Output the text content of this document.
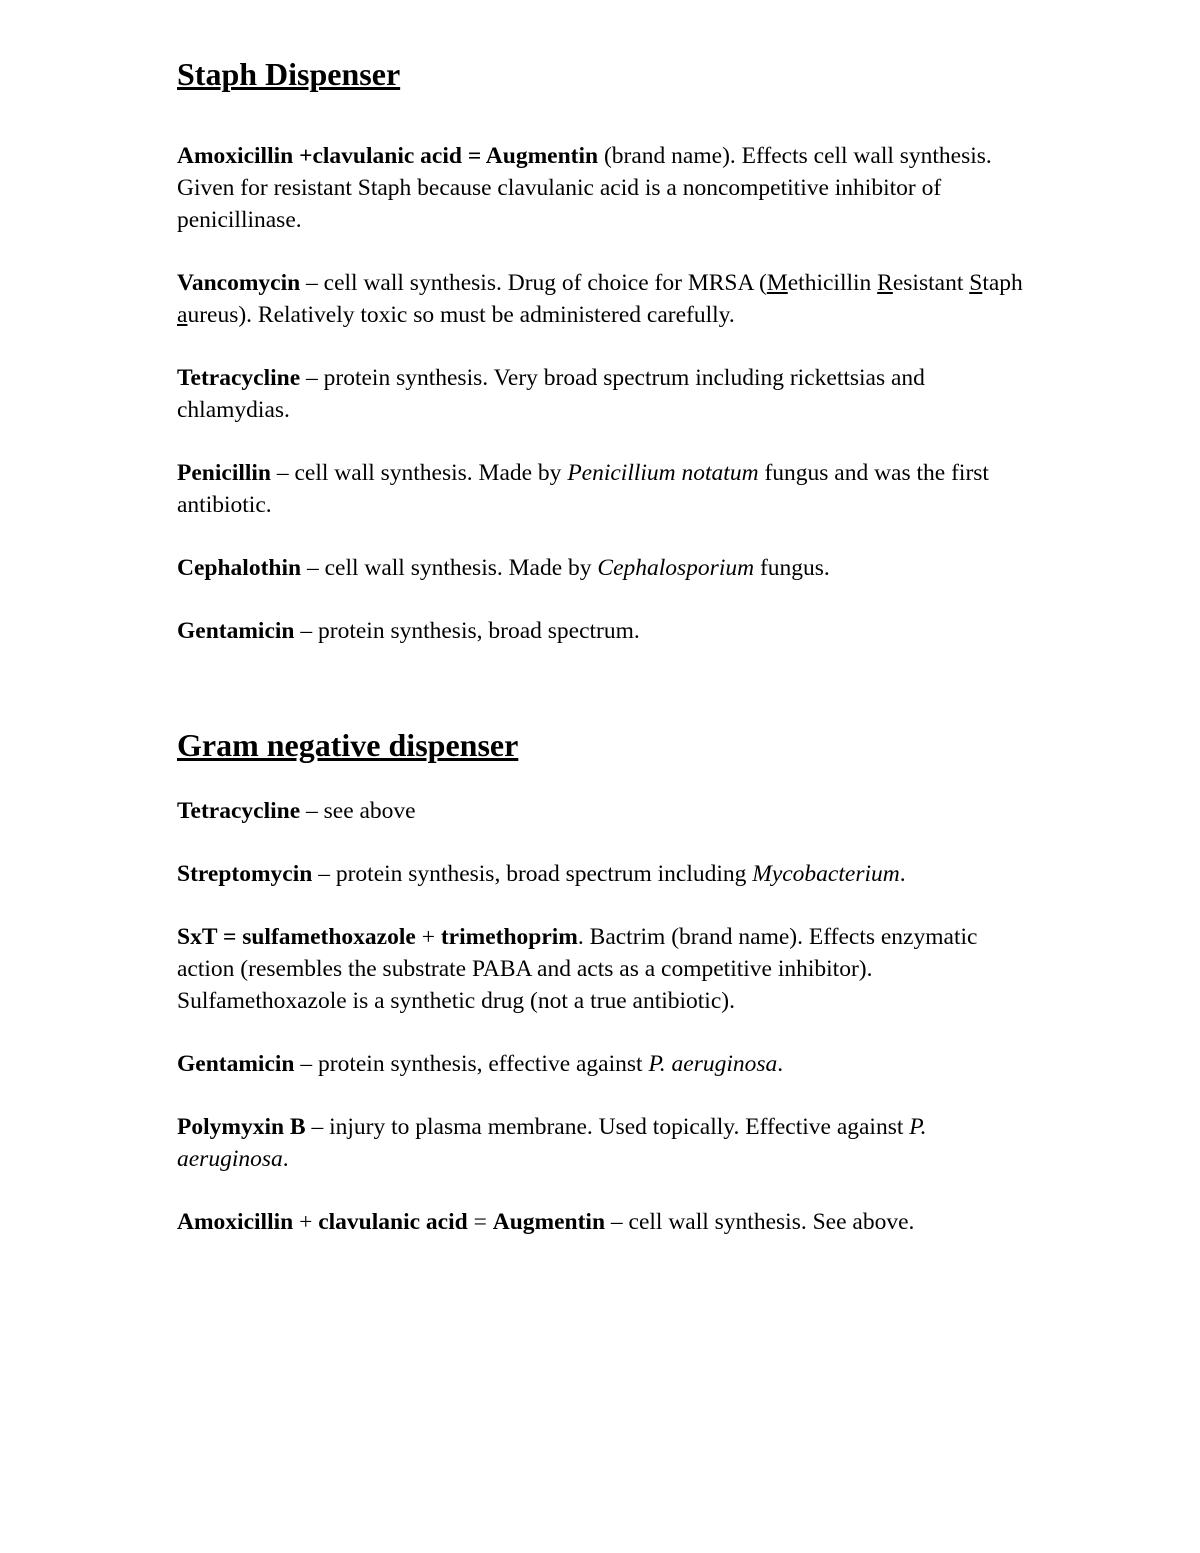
Staph Dispenser

Amoxicillin +clavulanic acid = Augmentin (brand name). Effects cell wall synthesis. Given for resistant Staph because clavulanic acid is a noncompetitive inhibitor of penicillinase.

Vancomycin – cell wall synthesis. Drug of choice for MRSA (Methicillin Resistant Staph aureus). Relatively toxic so must be administered carefully.

Tetracycline – protein synthesis. Very broad spectrum including rickettsias and chlamydias.

Penicillin – cell wall synthesis. Made by Penicillium notatum fungus and was the first antibiotic.

Cephalothin – cell wall synthesis. Made by Cephalosporium fungus.

Gentamicin – protein synthesis, broad spectrum.

Gram negative dispenser

Tetracycline – see above

Streptomycin – protein synthesis, broad spectrum including Mycobacterium.

SxT = sulfamethoxazole + trimethoprim. Bactrim (brand name). Effects enzymatic action (resembles the substrate PABA and acts as a competitive inhibitor). Sulfamethoxazole is a synthetic drug (not a true antibiotic).

Gentamicin – protein synthesis, effective against P. aeruginosa.

Polymyxin B – injury to plasma membrane. Used topically. Effective against P. aeruginosa.

Amoxicillin + clavulanic acid = Augmentin – cell wall synthesis. See above.
